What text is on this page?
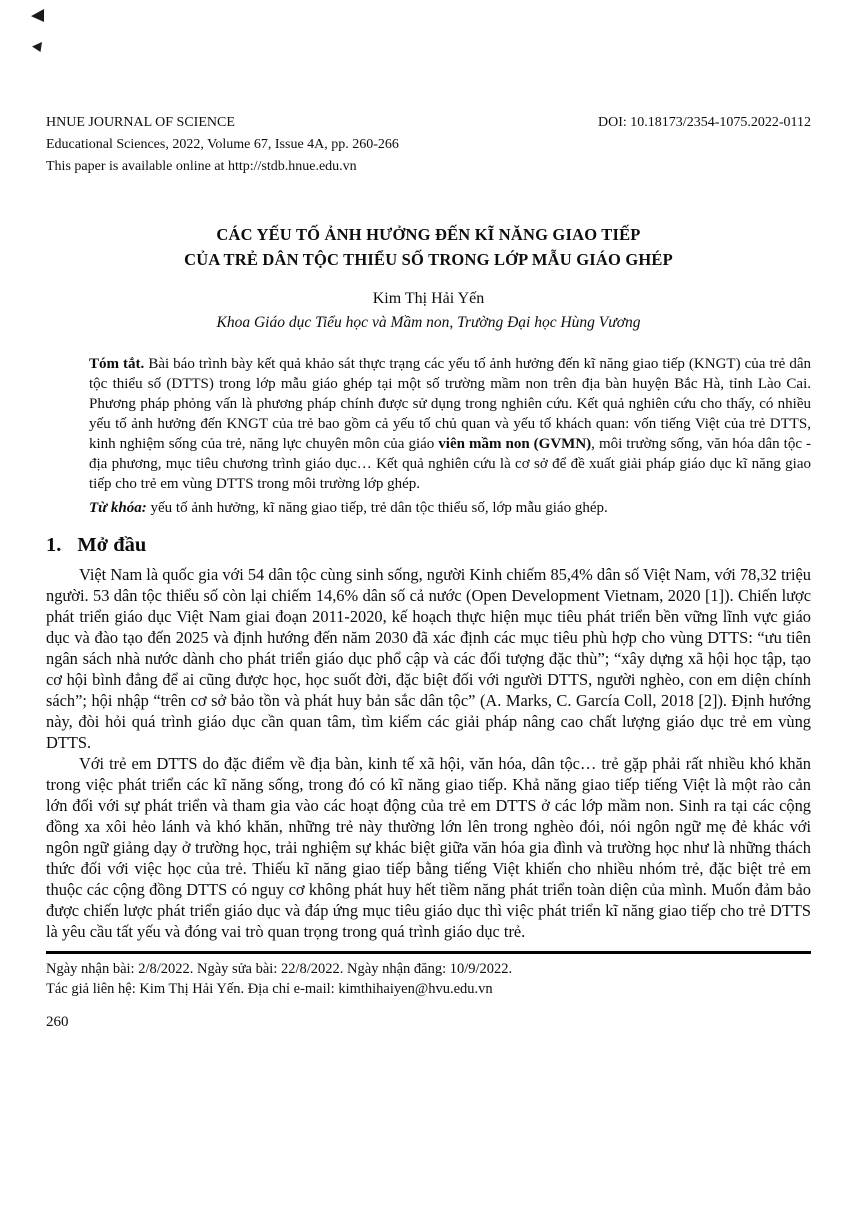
HNUE JOURNAL OF SCIENCE	DOI: 10.18173/2354-1075.2022-0112
Educational Sciences, 2022, Volume 67, Issue 4A, pp. 260-266
This paper is available online at http://stdb.hnue.edu.vn
CÁC YẾU TỐ ẢNH HƯỞNG ĐẾN KĨ NĂNG GIAO TIẾP
CỦA TRẺ DÂN TỘC THIỂU SỐ TRONG LỚP MẪU GIÁO GHÉP
Kim Thị Hải Yến
Khoa Giáo dục Tiểu học và Mầm non, Trường Đại học Hùng Vương

Tóm tắt. Bài báo trình bày kết quả khảo sát thực trạng các yếu tố ảnh hưởng đến kĩ năng giao tiếp (KNGT) của trẻ dân tộc thiểu số (DTTS) trong lớp mẫu giáo ghép tại một số trường mầm non trên địa bàn huyện Bắc Hà, tỉnh Lào Cai. Phương pháp phỏng vấn là phương pháp chính được sử dụng trong nghiên cứu. Kết quả nghiên cứu cho thấy, có nhiều yếu tố ảnh hưởng đến KNGT của trẻ bao gồm cả yếu tố chủ quan và yếu tố khách quan: vốn tiếng Việt của trẻ DTTS, kinh nghiệm sống của trẻ, năng lực chuyên môn của giáo viên mầm non (GVMN), môi trường sống, văn hóa dân tộc - địa phương, mục tiêu chương trình giáo dục… Kết quả nghiên cứu là cơ sở để đề xuất giải pháp giáo dục kĩ năng giao tiếp cho trẻ em vùng DTTS trong môi trường lớp ghép.

Từ khóa: yếu tố ảnh hưởng, kĩ năng giao tiếp, trẻ dân tộc thiểu số, lớp mẫu giáo ghép.

1. Mở đầu

Việt Nam là quốc gia với 54 dân tộc cùng sinh sống, người Kinh chiếm 85,4% dân số Việt Nam, với 78,32 triệu người. 53 dân tộc thiểu số còn lại chiếm 14,6% dân số cả nước (Open Development Vietnam, 2020 [1]). Chiến lược phát triển giáo dục Việt Nam giai đoạn 2011-2020, kế hoạch thực hiện mục tiêu phát triển bền vững lĩnh vực giáo dục và đào tạo đến 2025 và định hướng đến năm 2030 đã xác định các mục tiêu phù hợp cho vùng DTTS: “ưu tiên ngân sách nhà nước dành cho phát triển giáo dục phổ cập và các đối tượng đặc thù”; “xây dựng xã hội học tập, tạo cơ hội bình đẳng để ai cũng được học, học suốt đời, đặc biệt đối với người DTTS, người nghèo, con em diện chính sách”; hội nhập “trên cơ sở bảo tồn và phát huy bản sắc dân tộc” (A. Marks, C. García Coll, 2018 [2]). Định hướng này, đòi hỏi quá trình giáo dục cần quan tâm, tìm kiếm các giải pháp nâng cao chất lượng giáo dục trẻ em vùng DTTS.

Với trẻ em DTTS do đặc điểm về địa bàn, kinh tế xã hội, văn hóa, dân tộc… trẻ gặp phải rất nhiều khó khăn trong việc phát triển các kĩ năng sống, trong đó có kĩ năng giao tiếp. Khả năng giao tiếp tiếng Việt là một rào cản lớn đối với sự phát triển và tham gia vào các hoạt động của trẻ em DTTS ở các lớp mầm non. Sinh ra tại các cộng đồng xa xôi hẻo lánh và khó khăn, những trẻ này thường lớn lên trong nghèo đói, nói ngôn ngữ mẹ đẻ khác với ngôn ngữ giảng dạy ở trường học, trải nghiệm sự khác biệt giữa văn hóa gia đình và trường học như là những thách thức đối với việc học của trẻ. Thiếu kĩ năng giao tiếp bằng tiếng Việt khiến cho nhiều nhóm trẻ, đặc biệt trẻ em thuộc các cộng đồng DTTS có nguy cơ không phát huy hết tiềm năng phát triển toàn diện của mình. Muốn đảm bảo được chiến lược phát triển giáo dục và đáp ứng mục tiêu giáo dục thì việc phát triển kĩ năng giao tiếp cho trẻ DTTS là yêu cầu tất yếu và đóng vai trò quan trọng trong quá trình giáo dục trẻ.

Ngày nhận bài: 2/8/2022. Ngày sửa bài: 22/8/2022. Ngày nhận đăng: 10/9/2022.
Tác giả liên hệ: Kim Thị Hải Yến. Địa chỉ e-mail: kimthihaiyen@hvu.edu.vn
260
